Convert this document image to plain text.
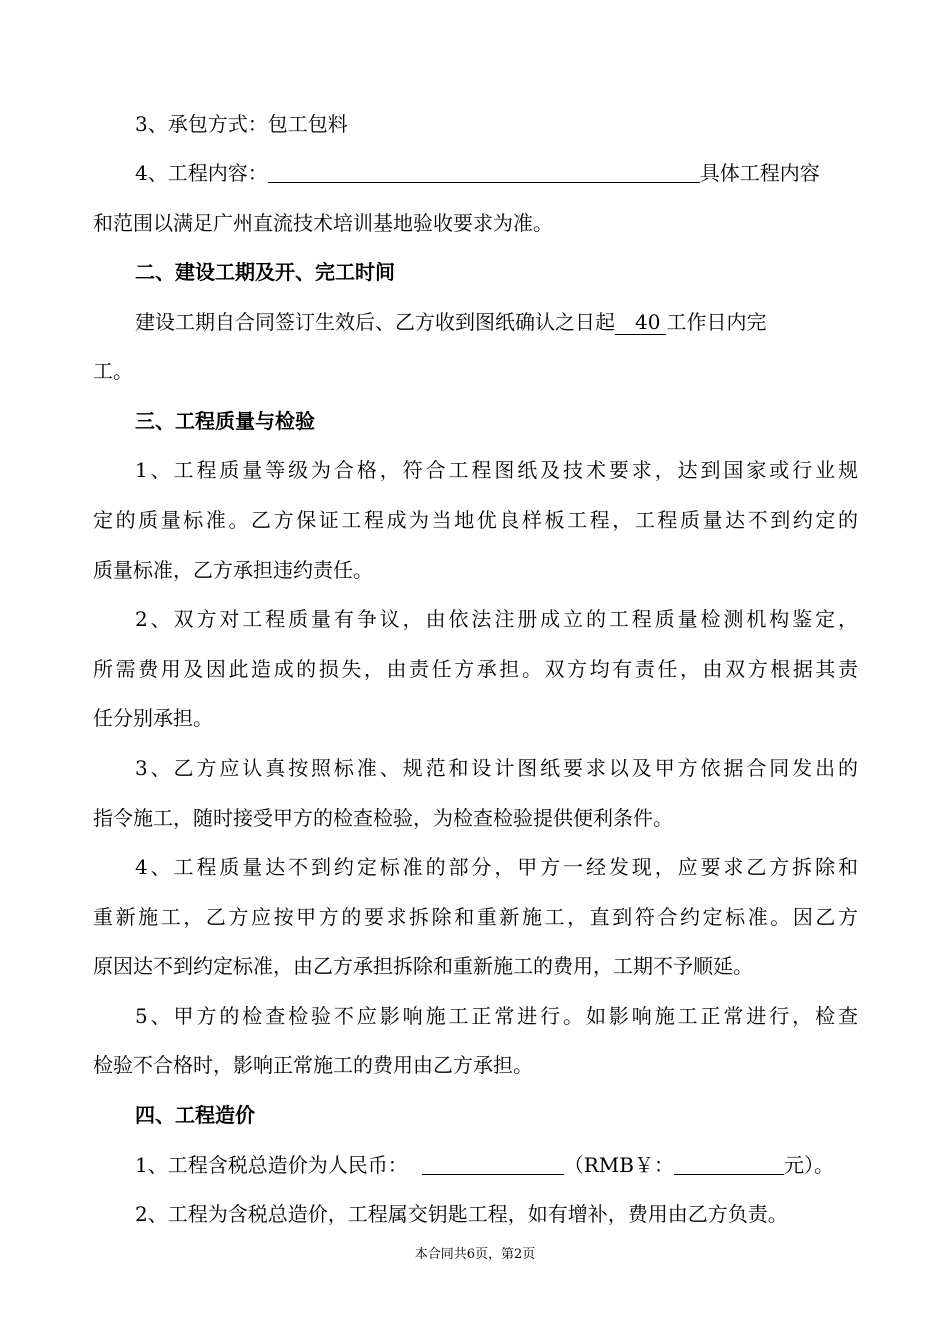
3、承包方式：包工包料
4、工程内容：	具体工程内容
和范围以满足广州直流技术培训基地验收要求为准。
二、建设工期及开、完工时间
建设工期自合同签订生效后、乙方收到图纸确认之日起 40 工作日内完
工。
三、工程质量与检验
1、工程质量等级为合格，符合工程图纸及技术要求，达到国家或行业规
定的质量标准。乙方保证工程成为当地优良样板工程，工程质量达不到约定的
质量标准，乙方承担违约责任。
2、双方对工程质量有争议，由依法注册成立的工程质量检测机构鉴定，
所需费用及因此造成的损失，由责任方承担。双方均有责任，由双方根据其责
任分别承担。
3、乙方应认真按照标准、规范和设计图纸要求以及甲方依据合同发出的
指令施工，随时接受甲方的检查检验，为检查检验提供便利条件。
4、工程质量达不到约定标准的部分，甲方一经发现，应要求乙方拆除和
重新施工，乙方应按甲方的要求拆除和重新施工，直到符合约定标准。因乙方
原因达不到约定标准，由乙方承担拆除和重新施工的费用，工期不予顺延。
5、甲方的检查检验不应影响施工正常进行。如影响施工正常进行，检查
检验不合格时，影响正常施工的费用由乙方承担。
四、工程造价
1、工程含税总造价为人民币：	（RMB￥：	元）。
2、工程为含税总造价，工程属交钥匙工程，如有增补，费用由乙方负责。
本合同共6页，第2页
